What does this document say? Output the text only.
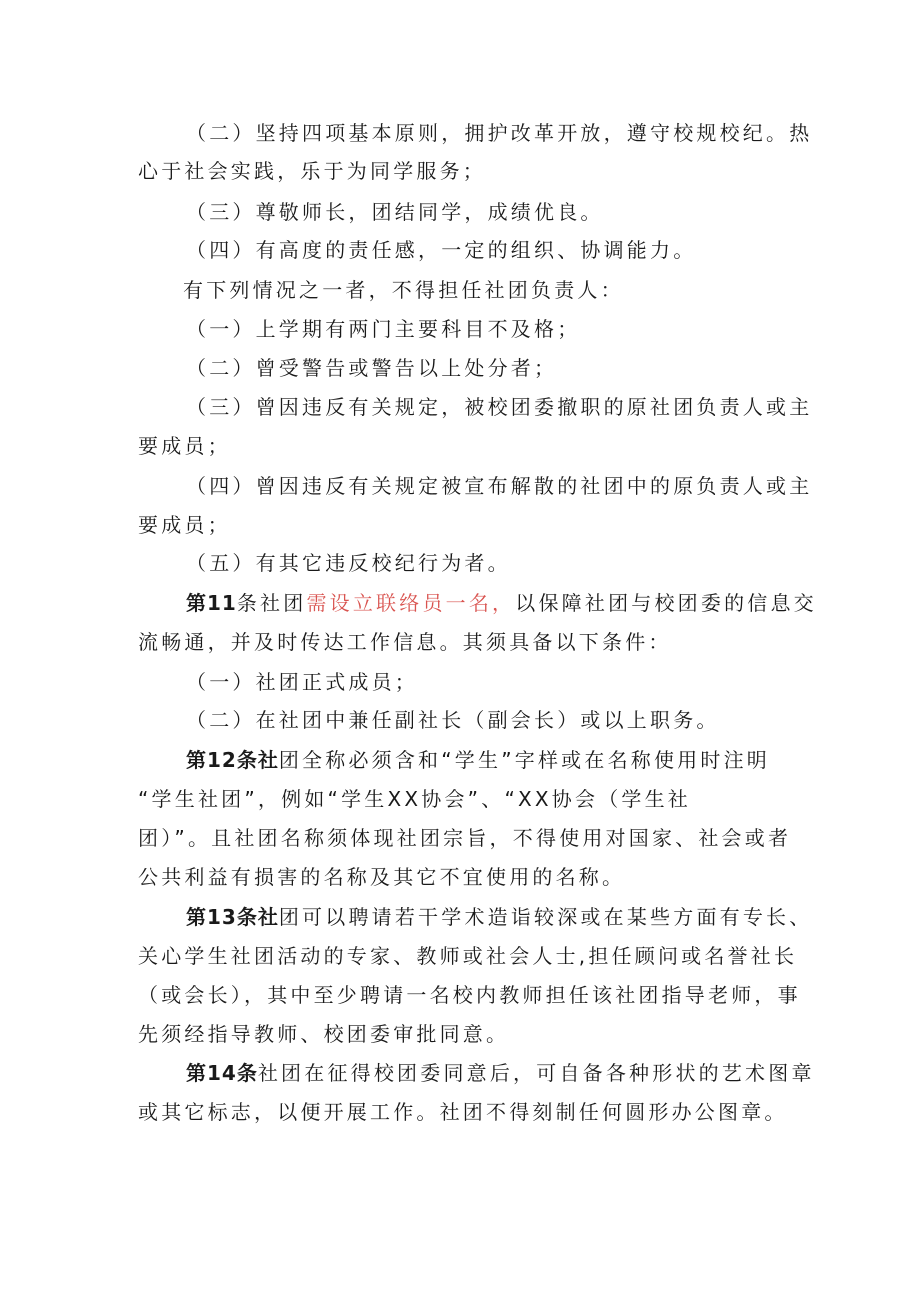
（二）坚持四项基本原则，拥护改革开放，遵守校规校纪。热
心于社会实践，乐于为同学服务；
（三）尊敬师长，团结同学，成绩优良。
（四）有高度的责任感，一定的组织、协调能力。
有下列情况之一者，不得担任社团负责人：
（一）上学期有两门主要科目不及格；
（二）曾受警告或警告以上处分者；
（三）曾因违反有关规定，被校团委撤职的原社团负责人或主
要成员；
（四）曾因违反有关规定被宣布解散的社团中的原负责人或主
要成员；
（五）有其它违反校纪行为者。
第11条社团需设立联络员一名，以保障社团与校团委的信息交
流畅通，并及时传达工作信息。其须具备以下条件：
（一）社团正式成员；
（二）在社团中兼任副社长（副会长）或以上职务。
第12条社团全称必须含和“学生”字样或在名称使用时注明
“学生社团”，例如“学生XX协会”、“XX协会（学生社
团）”。且社团名称须体现社团宗旨，不得使用对国家、社会或者
公共利益有损害的名称及其它不宜使用的名称。
第13条社团可以聘请若干学术造诣较深或在某些方面有专长、
关心学生社团活动的专家、教师或社会人士,担任顾问或名誉社长
（或会长），其中至少聘请一名校内教师担任该社团指导老师，事
先须经指导教师、校团委审批同意。
第14条社团在征得校团委同意后，可自备各种形状的艺术图章
或其它标志，以便开展工作。社团不得刻制任何圆形办公图章。
